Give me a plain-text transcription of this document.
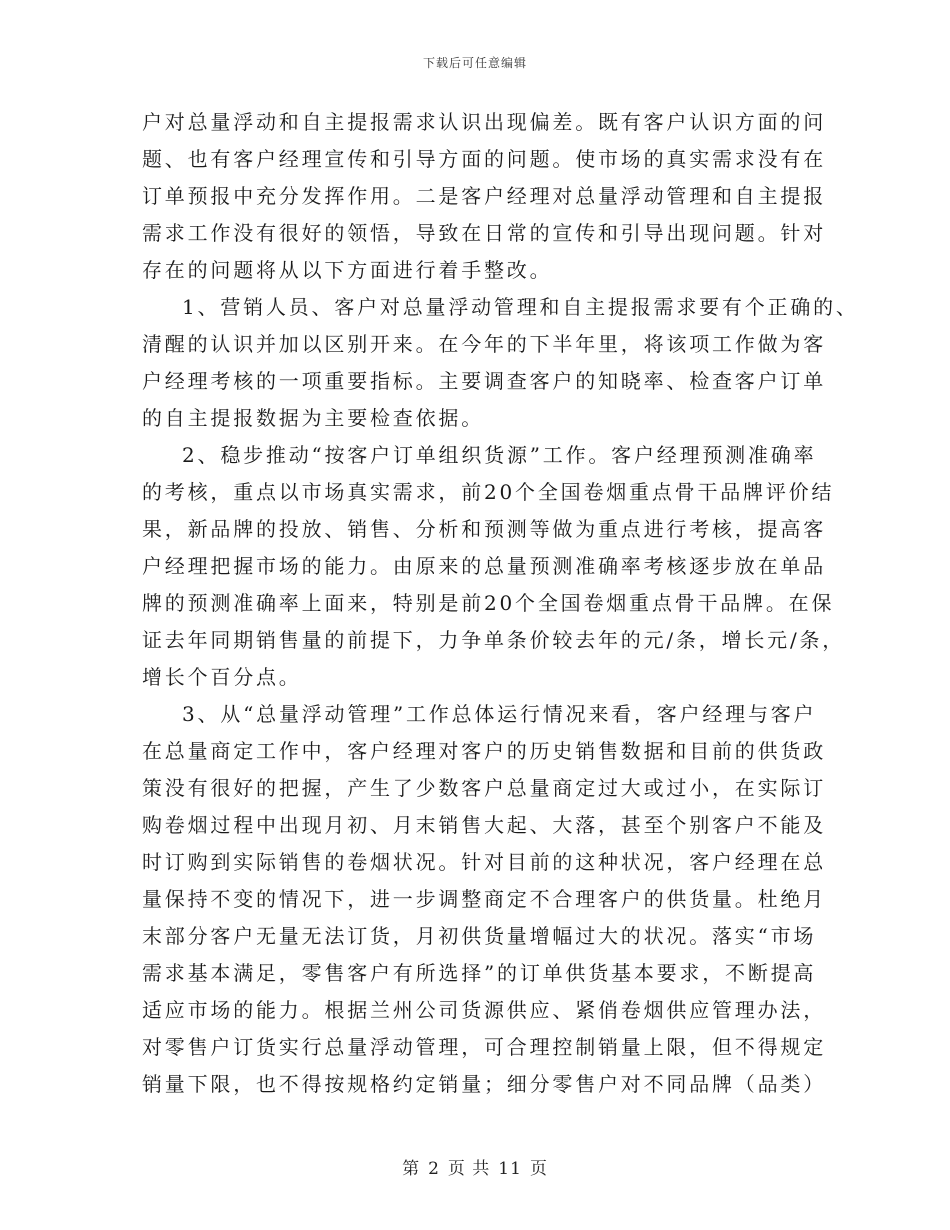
下载后可任意编辑
户对总量浮动和自主提报需求认识出现偏差。既有客户认识方面的问
题、也有客户经理宣传和引导方面的问题。使市场的真实需求没有在
订单预报中充分发挥作用。二是客户经理对总量浮动管理和自主提报
需求工作没有很好的领悟，导致在日常的宣传和引导出现问题。针对
存在的问题将从以下方面进行着手整改。
1、营销人员、客户对总量浮动管理和自主提报需求要有个正确的、
清醒的认识并加以区别开来。在今年的下半年里，将该项工作做为客
户经理考核的一项重要指标。主要调查客户的知晓率、检查客户订单
的自主提报数据为主要检查依据。
2、稳步推动“按客户订单组织货源”工作。客户经理预测准确率
的考核，重点以市场真实需求，前20个全国卷烟重点骨干品牌评价结
果，新品牌的投放、销售、分析和预测等做为重点进行考核，提高客
户经理把握市场的能力。由原来的总量预测准确率考核逐步放在单品
牌的预测准确率上面来，特别是前20个全国卷烟重点骨干品牌。在保
证去年同期销售量的前提下，力争单条价较去年的元/条，增长元/条，
增长个百分点。
3、从“总量浮动管理”工作总体运行情况来看，客户经理与客户
在总量商定工作中，客户经理对客户的历史销售数据和目前的供货政
策没有很好的把握，产生了少数客户总量商定过大或过小，在实际订
购卷烟过程中出现月初、月末销售大起、大落，甚至个别客户不能及
时订购到实际销售的卷烟状况。针对目前的这种状况，客户经理在总
量保持不变的情况下，进一步调整商定不合理客户的供货量。杜绝月
末部分客户无量无法订货，月初供货量增幅过大的状况。落实“市场
需求基本满足，零售客户有所选择”的订单供货基本要求，不断提高
适应市场的能力。根据兰州公司货源供应、紧俏卷烟供应管理办法，
对零售户订货实行总量浮动管理，可合理控制销量上限，但不得规定
销量下限，也不得按规格约定销量；细分零售户对不同品牌（品类）
第 2 页 共 11 页
